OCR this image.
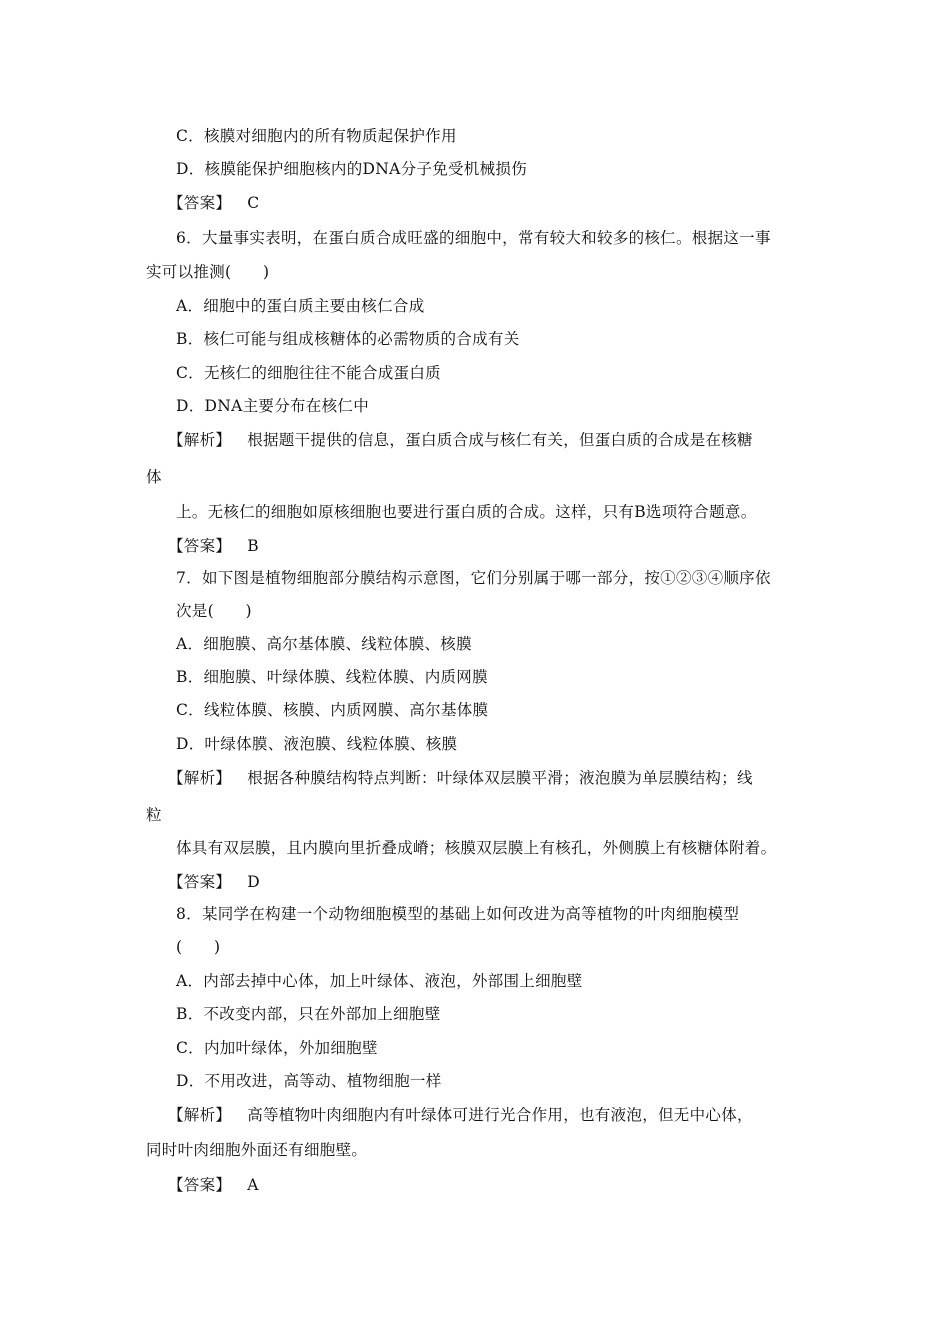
C．核膜对细胞内的所有物质起保护作用
D．核膜能保护细胞核内的DNA分子免受机械损伤
【答案】 C
6．大量事实表明，在蛋白质合成旺盛的细胞中，常有较大和较多的核仁。根据这一事
实可以推测(　　)
A．细胞中的蛋白质主要由核仁合成
B．核仁可能与组成核糖体的必需物质的合成有关
C．无核仁的细胞往往不能合成蛋白质
D．DNA主要分布在核仁中
【解析】 根据题干提供的信息，蛋白质合成与核仁有关，但蛋白质的合成是在核糖
体
上。无核仁的细胞如原核细胞也要进行蛋白质的合成。这样，只有B选项符合题意。
【答案】 B
7．如下图是植物细胞部分膜结构示意图，它们分别属于哪一部分，按①②③④顺序依
次是(　　)
A．细胞膜、高尔基体膜、线粒体膜、核膜
B．细胞膜、叶绿体膜、线粒体膜、内质网膜
C．线粒体膜、核膜、内质网膜、高尔基体膜
D．叶绿体膜、液泡膜、线粒体膜、核膜
【解析】 根据各种膜结构特点判断：叶绿体双层膜平滑；液泡膜为单层膜结构；线
粒
体具有双层膜，且内膜向里折叠成嵴；核膜双层膜上有核孔，外侧膜上有核糖体附着。
【答案】 D
8．某同学在构建一个动物细胞模型的基础上如何改进为高等植物的叶肉细胞模型
(　　)
A．内部去掉中心体，加上叶绿体、液泡，外部围上细胞壁
B．不改变内部，只在外部加上细胞壁
C．内加叶绿体，外加细胞壁
D．不用改进，高等动、植物细胞一样
【解析】 高等植物叶肉细胞内有叶绿体可进行光合作用，也有液泡，但无中心体，
同时叶肉细胞外面还有细胞壁。
【答案】 A
